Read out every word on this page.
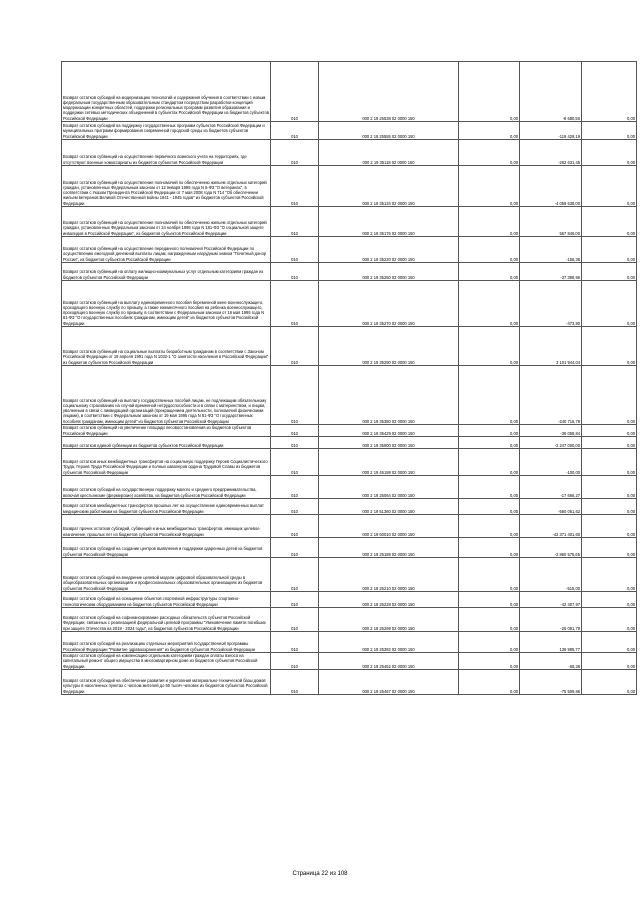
Возврат остатков субсидий на модернизацию технологий и содержания обучения в соответствии с новым федеральным государственным образовательным стандартом посредством разработки концепций модернизации конкретных областей, поддержки региональных программ развития образования и поддержки сетевых методических объединений в субъектах Российской Федерации из бюджетов субъектов Российской Федерации	010	000 2 19 25538 02 0000 150	0,00	-8 680,50	0,00
Возврат остатков субсидий на поддержку государственных программ субъектов Российской Федерации и муниципальных программ формирования современной городской среды из бюджетов субъектов Российской Федерации	010	000 2 19 25555 02 0000 150	0,00	-119 429,19	0,00
Возврат остатков субвенций на осуществление первичного воинского учета на территориях, где отсутствуют военные комиссариаты из бюджетов субъектов Российской Федерации	010	000 2 19 35118 02 0000 150	0,00	-262 631,45	0,00
Возврат остатков субвенций на осуществление полномочий по обеспечению жильем отдельных категорий граждан, установленных Федеральным законом от 12 января 1995 года N 5-ФЗ "О ветеранах", в соответствии с Указом Президента Российской Федерации от 7 мая 2008 года N 714 "Об обеспечении жильем ветеранов Великой Отечественной войны 1941 - 1945 годов" из бюджетов субъектов Российской Федерации	010	000 2 19 35134 02 0000 150	0,00	-4 059 638,00	0,00
Возврат остатков субвенций на осуществление полномочий по обеспечению жильем отдельных категорий граждан, установленных Федеральным законом от 24 ноября 1995 года N 181-ФЗ "О социальной защите инвалидов в Российской Федерации", из бюджетов субъектов Российской Федерации	010	000 2 19 35176 02 0000 150	0,00	567 846,00	0,00
Возврат остатков субвенций на осуществление переданного полномочия Российской Федерации по осуществлению ежегодной денежной выплаты лицам, награжденным нагрудным знаком "Почетный донор России", из бюджетов субъектов Российской Федерации	010	000 2 19 35220 02 0000 150	0,00	-156,38	0,00
Возврат остатков субвенций на оплату жилищно-коммунальных услуг отдельным категориям граждан из бюджетов субъектов Российской Федерации	010	000 2 19 35250 02 0000 150	0,00	-37 398,96	0,00
Возврат остатков субвенций на выплату единовременного пособия беременной жене военнослужащего, проходящего военную службу по призыву, а также ежемесячного пособия на ребенка военнослужащего, проходящего военную службу по призыву, в соответствии с Федеральным законом от 19 мая 1995 года N 81-ФЗ "О государственных пособиях гражданам, имеющим детей" из бюджетов субъектов Российской Федерации	010	000 2 19 35270 02 0000 150	0,00	-473,90	0,00
Возврат остатков субвенций на социальные выплаты безработным гражданам в соответствии с Законом Российской Федерации от 19 апреля 1991 года N 1032-1 "О занятости населения в Российской Федерации" из бюджетов субъектов Российской Федерации	010	000 2 19 35290 02 0000 150	0,00	3 101 944,04	0,00
Возврат остатков субвенций на выплату государственных пособий лицам, не подлежащим обязательному социальному страхованию на случай временной нетрудоспособности и в связи с материнством, и лицам, уволенным в связи с ликвидацией организаций (прекращением деятельности, полномочий физическими лицами), в соответствии с Федеральным законом от 19 мая 1995 года N 81-ФЗ "О государственных пособиях гражданам, имеющим детей" из бюджетов субъектов Российской Федерации	010	000 2 19 35380 02 0000 150	0,00	-240 716,78	0,00
Возврат остатков субвенций на увеличение площади лесовосстановления из бюджетов субъектов Российской Федерации	010	000 2 19 35429 02 0000 150	0,00	-36 058,84	0,00
Возврат остатков единой субвенции из бюджетов субъектов Российской Федерации	010	000 2 19 35900 02 0000 150	0,00	-2 247 000,00	0,00
Возврат остатков иных межбюджетных трансфертов на социальную поддержку Героев Социалистического Труда, Героев Труда Российской Федерации и полных кавалеров ордена Трудовой Славы из бюджетов субъектов Российской Федерации	010	000 2 19 45198 02 0000 150	0,00	-100,00	0,00
Возврат остатков субсидий на государственную поддержку малого и среднего предпринимательства, включая крестьянские (фермерские) хозяйства, из бюджетов субъектов Российской Федерации	010	000 2 19 25064 02 0000 150	0,00	-17 666,27	0,00
Возврат остатков межбюджетных трансфертов прошлых лет на осуществление единовременных выплат медицинским работникам из бюджетов субъектов Российской Федерации	010	000 2 19 51360 02 0000 150	0,00	-560 061,62	0,00
Возврат прочих остатков субсидий, субвенций и иных межбюджетных трансфертов, имеющих целевое назначение, прошлых лет из бюджетов субъектов Российской Федерации	010	000 2 19 60010 02 0000 150	0,00	-42 371 401,60	0,00
Возврат остатков субсидий на создание центров выявления и поддержки одаренных детей из бюджетов субъектов Российской Федерации	010	000 2 19 25189 02 0000 150	0,00	-2 860 575,65	0,00
Возврат остатков субсидий на внедрение целевой модели цифровой образовательной среды в общеобразовательных организациях и профессиональных образовательных организациях из бюджетов субъектов Российской Федерации	010	000 2 19 25210 02 0000 150	0,00	-515,00	0,00
Возврат остатков субсидий на оснащение объектов спортивной инфраструктуры спортивно-технологическим оборудованием из бюджетов субъектов Российской Федерации	010	000 2 19 25228 02 0000 150	0,00	-42 407,97	0,00
Возврат остатков субсидий на софинансирование расходных обязательств субъектов Российской Федерации, связанных с реализацией федеральной целевой программы "Увековечение памяти погибших при защите Отечества на 2019 - 2024 годы", из бюджетов субъектов Российской Федерации	010	000 2 19 25299 02 0000 150	0,00	-26 081,79	0,00
Возврат остатков субсидий на реализацию отдельных мероприятий государственной программы Российской Федерации "Развитие здравоохранения" из бюджетов субъектов Российской Федерации	010	000 2 19 25382 02 0000 150	0,00	136 985,77	0,00
Возврат остатков субсидий на компенсацию отдельным категориям граждан оплаты взноса на капитальный ремонт общего имущества в многоквартирном доме из бюджетов субъектов Российской Федерации	010	000 2 19 25462 02 0000 150	0,00	-68,36	0,00
Возврат остатков субсидий на обеспечение развития и укрепления материально-технической базы домов культуры в населенных пунктах с числом жителей до 50 тысяч человек из бюджетов субъектов Российской Федерации	010	000 2 19 25467 02 0000 150	0,00	-75 509,86	0,00
Страница 22 из 108
